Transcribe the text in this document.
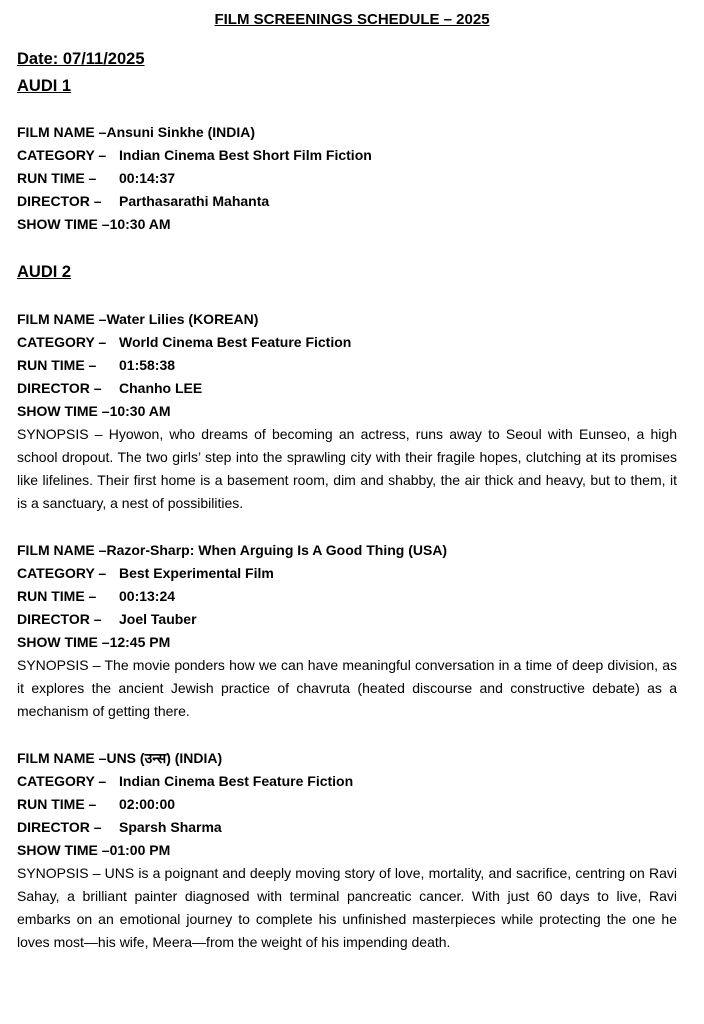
FILM SCREENINGS SCHEDULE – 2025
Date: 07/11/2025
AUDI 1
FILM NAME –Ansuni Sinkhe (INDIA)
CATEGORY – Indian Cinema Best Short Film Fiction
RUN TIME – 00:14:37
DIRECTOR – Parthasarathi Mahanta
SHOW TIME –10:30 AM
AUDI 2
FILM NAME –Water Lilies (KOREAN)
CATEGORY – World Cinema Best Feature Fiction
RUN TIME – 01:58:38
DIRECTOR – Chanho LEE
SHOW TIME –10:30 AM

SYNOPSIS – Hyowon, who dreams of becoming an actress, runs away to Seoul with Eunseo, a high school dropout. The two girls’ step into the sprawling city with their fragile hopes, clutching at its promises like lifelines. Their first home is a basement room, dim and shabby, the air thick and heavy, but to them, it is a sanctuary, a nest of possibilities.

FILM NAME –Razor-Sharp: When Arguing Is A Good Thing (USA)
CATEGORY – Best Experimental Film
RUN TIME – 00:13:24
DIRECTOR – Joel Tauber
SHOW TIME –12:45 PM

SYNOPSIS – The movie ponders how we can have meaningful conversation in a time of deep division, as it explores the ancient Jewish practice of chavruta (heated discourse and constructive debate) as a mechanism of getting there.

FILM NAME –UNS (उन्स) (INDIA)
CATEGORY – Indian Cinema Best Feature Fiction
RUN TIME – 02:00:00
DIRECTOR – Sparsh Sharma
SHOW TIME –01:00 PM

SYNOPSIS – UNS is a poignant and deeply moving story of love, mortality, and sacrifice, centring on Ravi Sahay, a brilliant painter diagnosed with terminal pancreatic cancer. With just 60 days to live, Ravi embarks on an emotional journey to complete his unfinished masterpieces while protecting the one he loves most—his wife, Meera—from the weight of his impending death.
